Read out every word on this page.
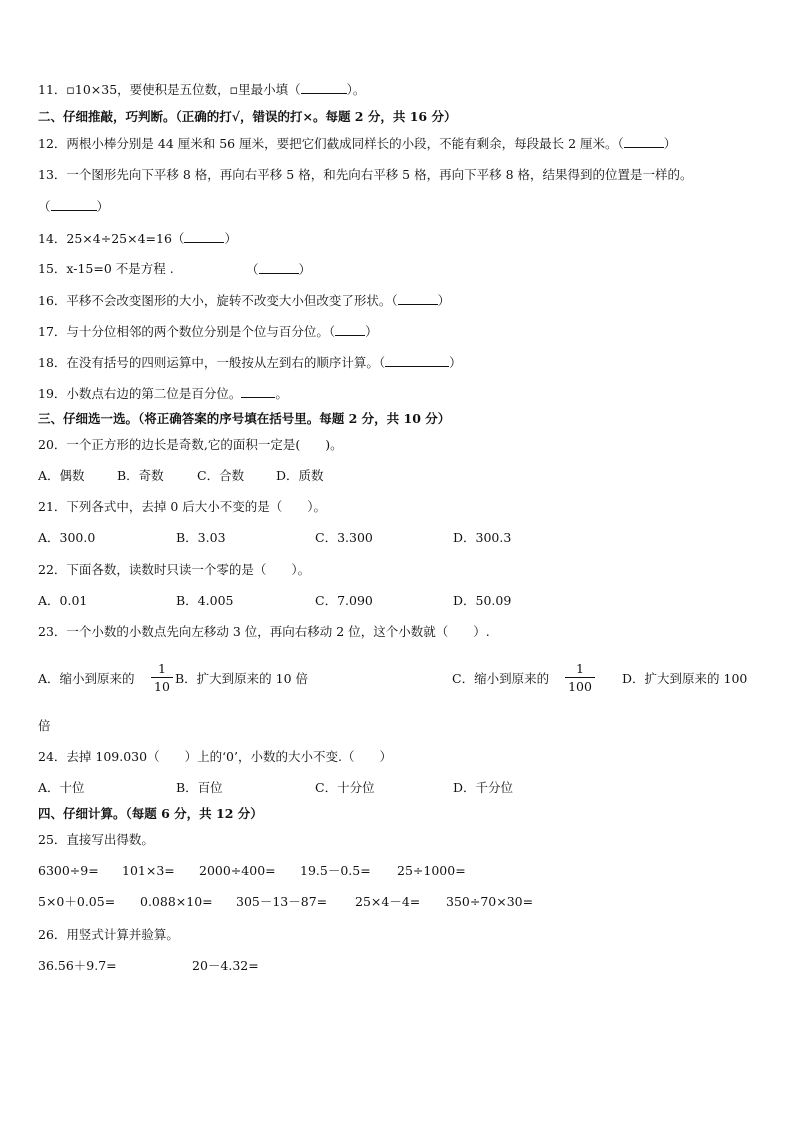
11．▫10×35，要使积是五位数，▫里最小填（	）。
二、仔细推敲，巧判断。（正确的打√，错误的打×。每题 2 分，共 16 分）
12．两根小棒分别是 44 厘米和 56 厘米，要把它们截成同样长的小段，不能有剩余，每段最长 2 厘米。（	）
13．一个图形先向下平移 8 格，再向右平移 5 格，和先向右平移 5 格，再向下平移 8 格，结果得到的位置是一样的。
（	）
14．25×4÷25×4=16（	）
15．x-15=0 不是方程 .	（	）
16．平移不会改变图形的大小，旋转不改变大小但改变了形状。（	）
17．与十分位相邻的两个数位分别是个位与百分位。（ ）
18．在没有括号的四则运算中，一般按从左到右的顺序计算。（	）
19．小数点右边的第二位是百分位。	。
三、仔细选一选。（将正确答案的序号填在括号里。每题 2 分，共 10 分）
20．一个正方形的边长是奇数,它的面积一定是(　　)。
A．偶数	B．奇数	C．合数	D．质数
21．下列各式中，去掉 0 后大小不变的是（　　）。
A．300.0	B．3.03	C．3.300	D．300.3
22．下面各数，读数时只读一个零的是（　　）。
A．0.01	B．4.005	C．7.090	D．50.09
23．一个小数的小数点先向左移动 3 位，再向右移动 2 位，这个小数就（　　）.
A．缩小到原来的
1
10
B．扩大到原来的 10 倍	C．缩小到原来的
1
100
D．扩大到原来的 100
倍
24．去掉 109.030（　　）上的‘0’，小数的大小不变.（　　）
A．十位	B．百位	C．十分位	D．千分位
四、仔细计算。（每题 6 分，共 12 分）
25．直接写出得数。
6300÷9= 101×3= 2000÷400= 19.5－0.5= 25÷1000=
5×0＋0.05= 0.088×10= 305－13－87= 25×4－4= 350÷70×30=
26．用竖式计算并验算。
36.56＋9.7=	20－4.32=
